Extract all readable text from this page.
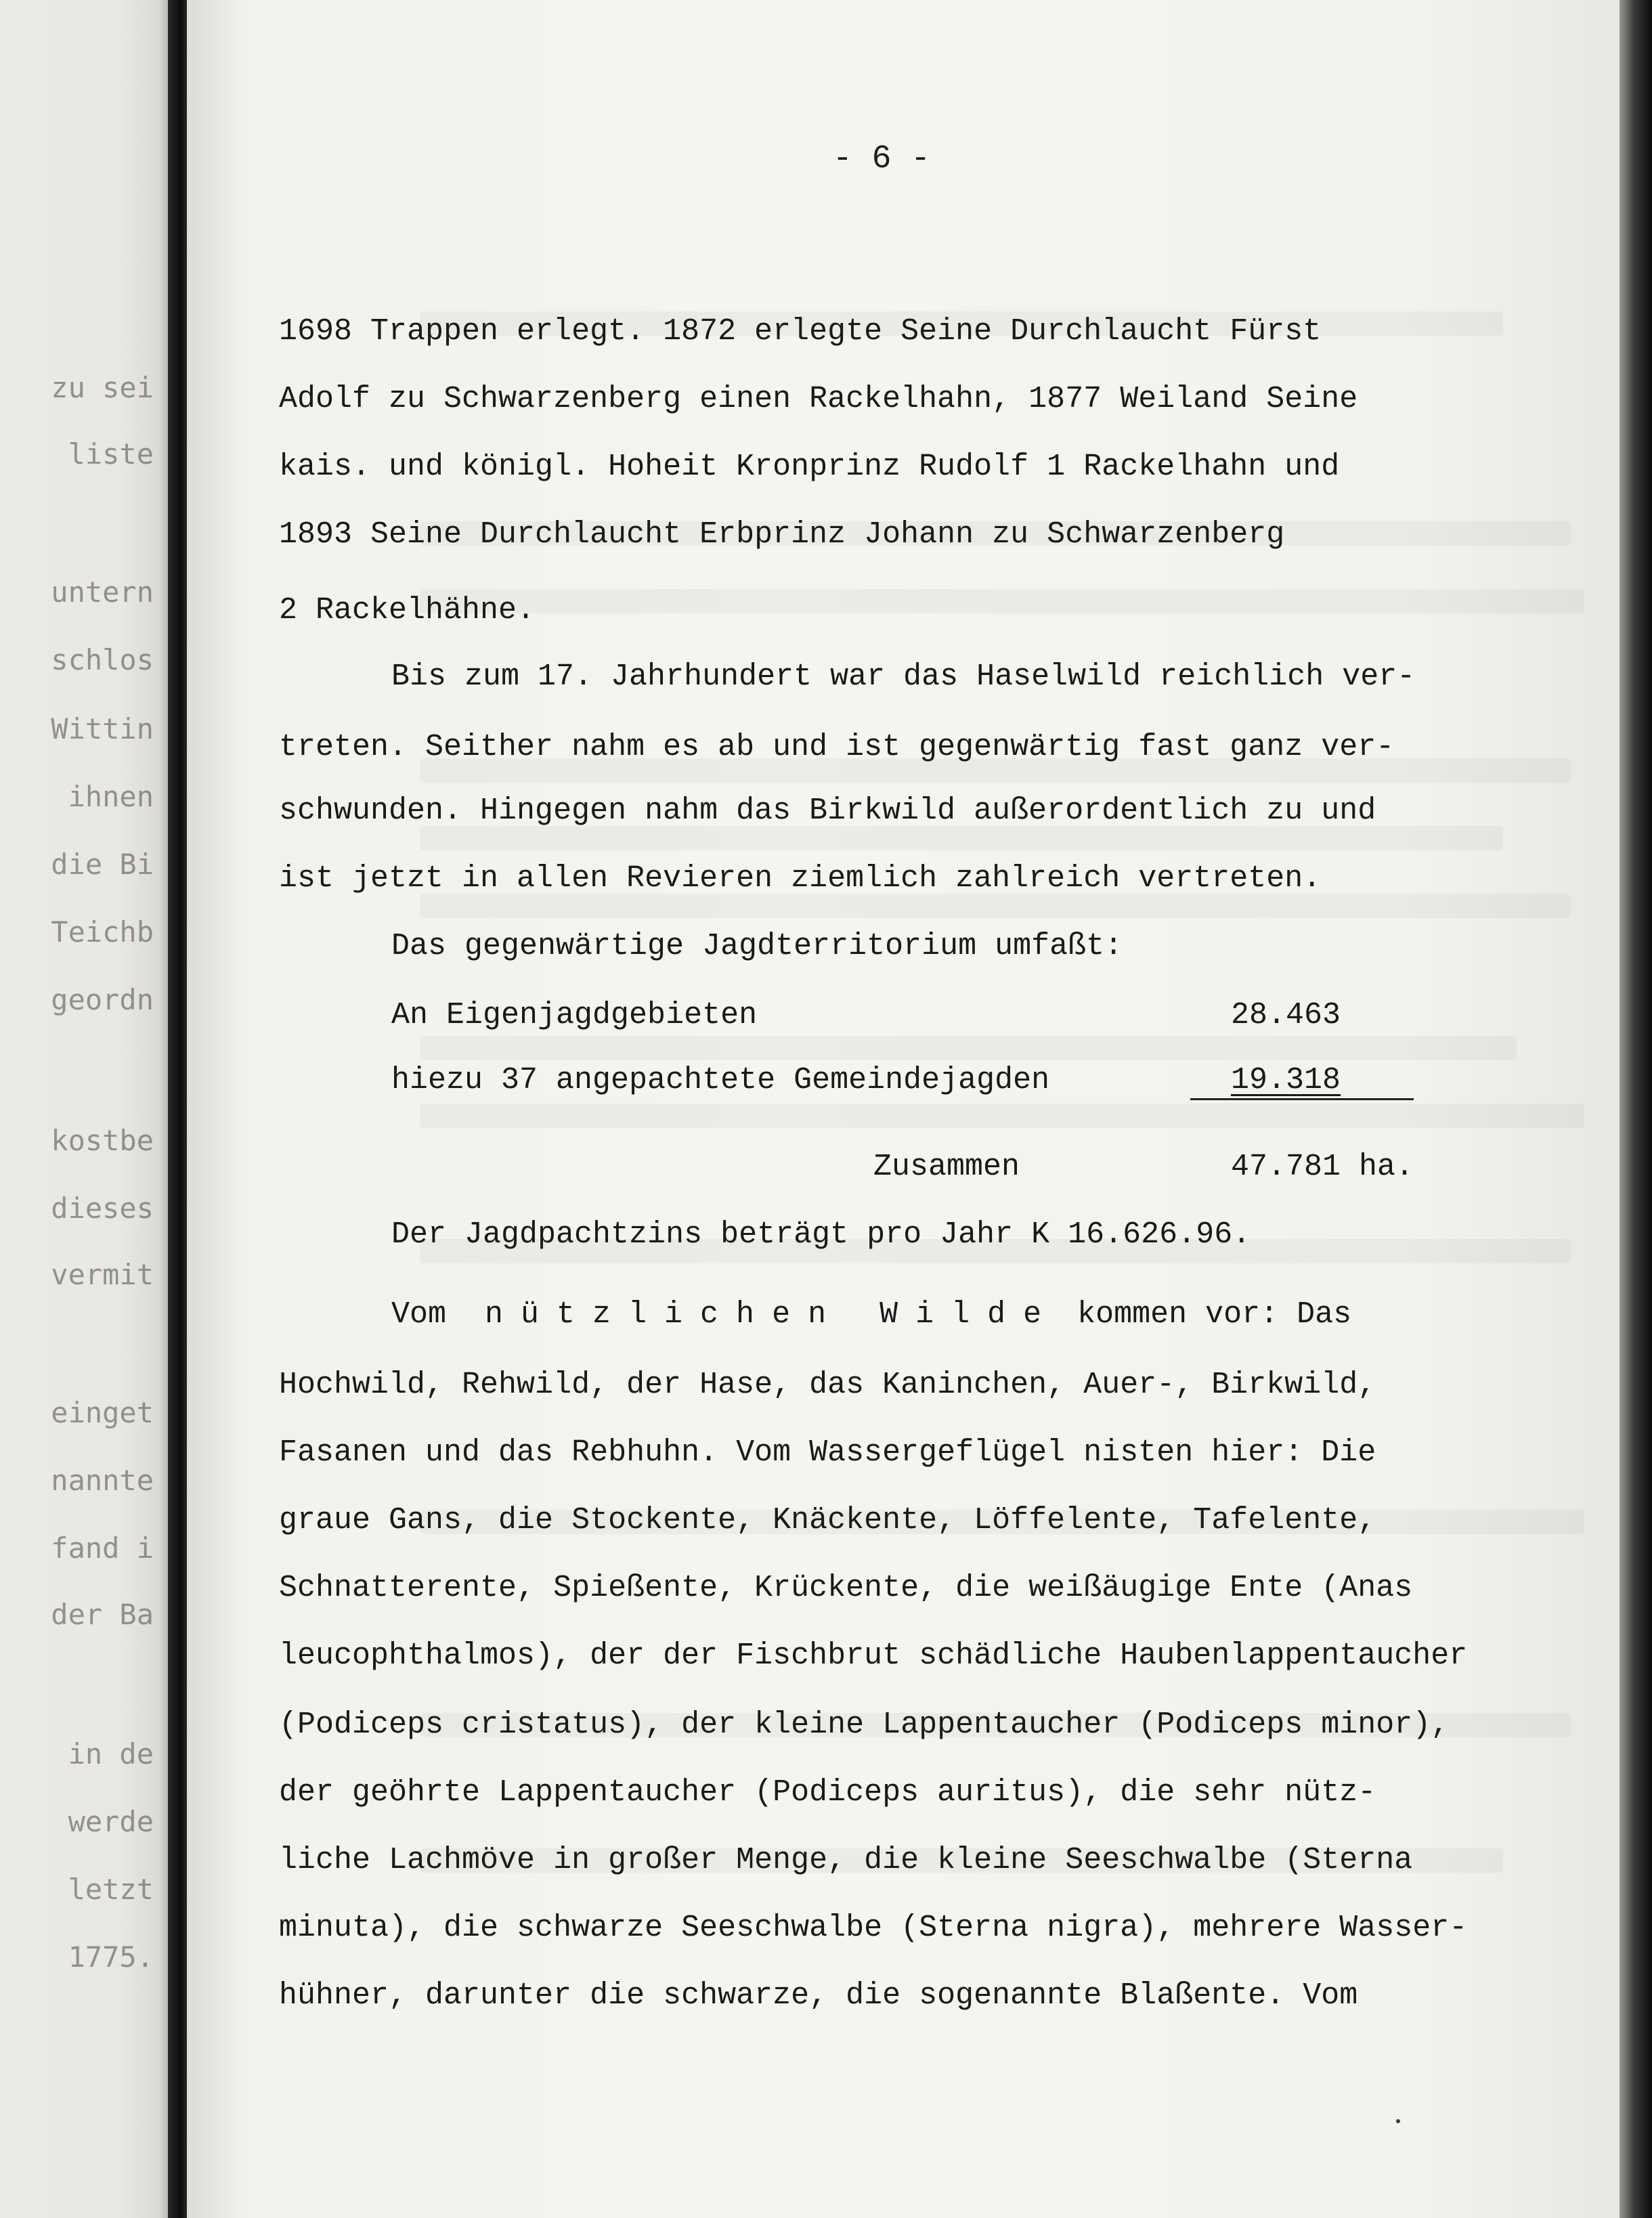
zu sei
liste
untern
schlos
Wittin
ihnen
die Bi
Teichb
geordn
kostbe
dieses
vermit
einget
nannte
fand i
der Ba
in de
werde
letzt
1775.
- 6 -
1698 Trappen erlegt. 1872 erlegte Seine Durchlaucht Fürst
Adolf zu Schwarzenberg einen Rackelhahn, 1877 Weiland Seine
kais. und königl. Hoheit Kronprinz Rudolf 1 Rackelhahn und
1893 Seine Durchlaucht Erbprinz Johann zu Schwarzenberg
2 Rackelhähne.
Bis zum 17. Jahrhundert war das Haselwild reichlich ver-
treten. Seither nahm es ab und ist gegenwärtig fast ganz ver-
schwunden. Hingegen nahm das Birkwild außerordentlich zu und
ist jetzt in allen Revieren ziemlich zahlreich vertreten.
Das gegenwärtige Jagdterritorium umfaßt:
An Eigenjagdgebieten	28.463
hiezu 37 angepachtete Gemeindejagden	19.318
Zusammen	47.781 ha.
Der Jagdpachtzins beträgt pro Jahr K 16.626.96.
Vom nützlichen Wilde kommen vor: Das
Hochwild, Rehwild, der Hase, das Kaninchen, Auer-, Birkwild,
Fasanen und das Rebhuhn. Vom Wassergeflügel nisten hier: Die
graue Gans, die Stockente, Knäckente, Löffelente, Tafelente,
Schnatterente, Spießente, Krückente, die weißäugige Ente (Anas
leucophthalmos), der der Fischbrut schädliche Haubenlappentaucher
(Podiceps cristatus), der kleine Lappentaucher (Podiceps minor),
der geöhrte Lappentaucher (Podiceps auritus), die sehr nütz-
liche Lachmöve in großer Menge, die kleine Seeschwalbe (Sterna
minuta), die schwarze Seeschwalbe (Sterna nigra), mehrere Wasser-
hühner, darunter die schwarze, die sogenannte Blaßente. Vom
